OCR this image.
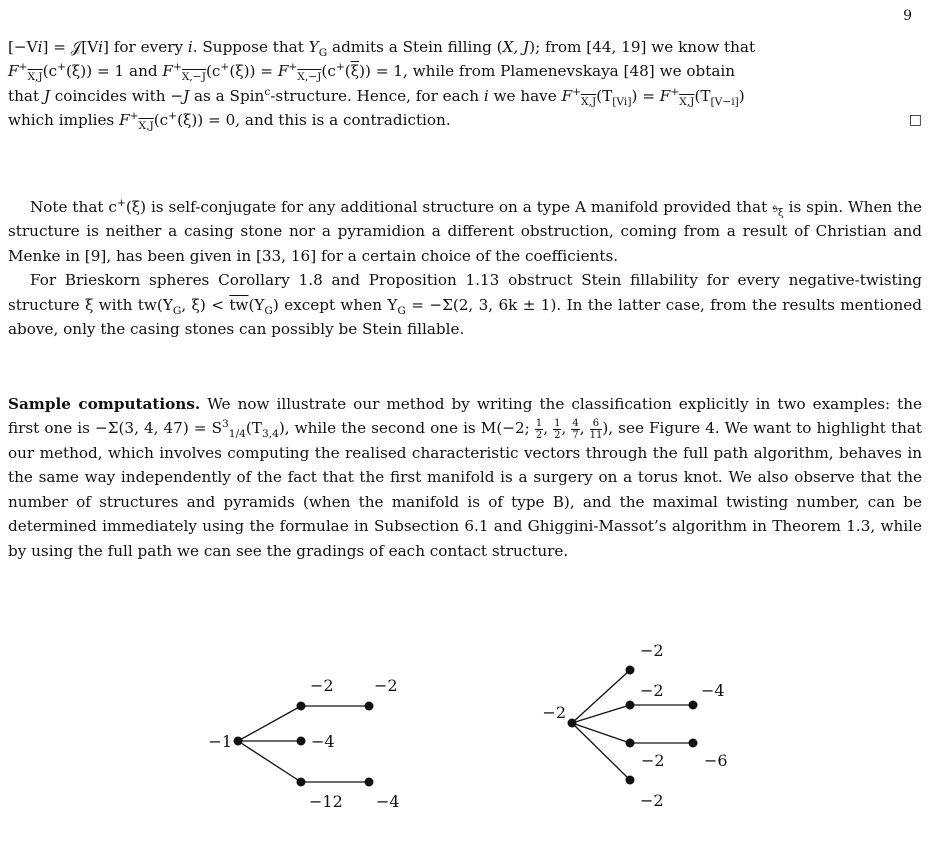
9

[−Vi] = 𝒥[Vi] for every i. Suppose that $Y_G$ admits a Stein filling (X, J); from [44, 19] we know that
$F^+_{X,J}(c^+(\xi)) = 1$ and $F^+_{X,-J}(c^+(\xi)) = F^+_{X,-J}(c^+(\overline{\xi})) = 1$, while from Plamenevskaya [48] we obtain
that J coincides with −J as a Spin$^c$-structure. Hence, for each i we have $F^+_{X,J}(T_{[Vi]}) = F^+_{X,J}(T_{[V-i]})$
which implies $F^+_{X,J}(c^+(\xi)) = 0$, and this is a contradiction.	□

Note that c+(ξ) is self-conjugate for any additional structure on a type A manifold provided that 𝔰$_\xi$ is spin. When the structure is neither a casing stone nor a pyramidion a different obstruction, coming from a result of Christian and Menke in [9], has been given in [33, 16] for a certain choice of the coefficients.

For Brieskorn spheres Corollary 1.8 and Proposition 1.13 obstruct Stein fillability for every negative-twisting structure ξ with $tw(Y_G$, $\xi) < \overline{tw}(Y_G)$ except when $Y_G = -\Sigma(2$, 3, 6k ± 1). In the latter case, from the results mentioned above, only the casing stones can possibly be Stein fillable.

Sample computations. We now illustrate our method by writing the classification explicitly in two examples: the first one is −Σ(3, 4, $47) = S^3_{1/4}(T_{3,4})$, while the second one is M(−2; $\frac{1}{2}$ , $\frac{1}{2}$ , $\frac{4}{7}$ , $\frac{6}{11}$ ), see Figure 4. We want to highlight that our method, which involves computing the realised characteristic vectors through the full path algorithm, behaves in the same way independently of the fact that the first manifold is a surgery on a torus knot. We also observe that the number of structures and pyramids (when the manifold is of type B), and the maximal twisting number, can be determined immediately using the formulae in Subsection 6.1 and Ghiggini-Massot’s algorithm in Theorem 1.3, while by using the full path we can see the gradings of each contact structure.

−1
−2	−2
−4
−12 −4
−2
−2
−2 −4
−2 −6
−2
